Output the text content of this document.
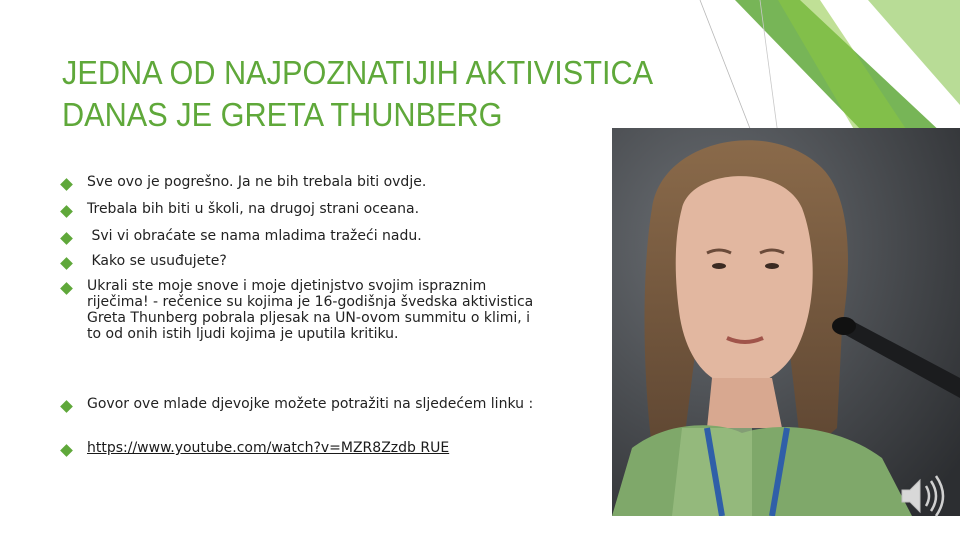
JEDNA OD NAJPOZNATIJIH AKTIVISTICA
DANAS JE GRETA THUNBERG
Sve ovo je pogrešno. Ja ne bih trebala biti ovdje.
Trebala bih biti u školi, na drugoj strani oceana.
Svi vi obraćate se nama mladima tražeći nadu.
Kako se usuđujete?
Ukrali ste moje snove i moje djetinjstvo svojim ispraznim riječima! - rečenice su kojima je 16-godišnja švedska aktivistica Greta Thunberg pobrala pljesak na UN-ovom summitu o klimi, i to od onih istih ljudi kojima je uputila kritiku.
Govor ove mlade djevojke možete potražiti na sljedećem linku :
https://www.youtube.com/watch?v=MZR8Zzdb RUE
